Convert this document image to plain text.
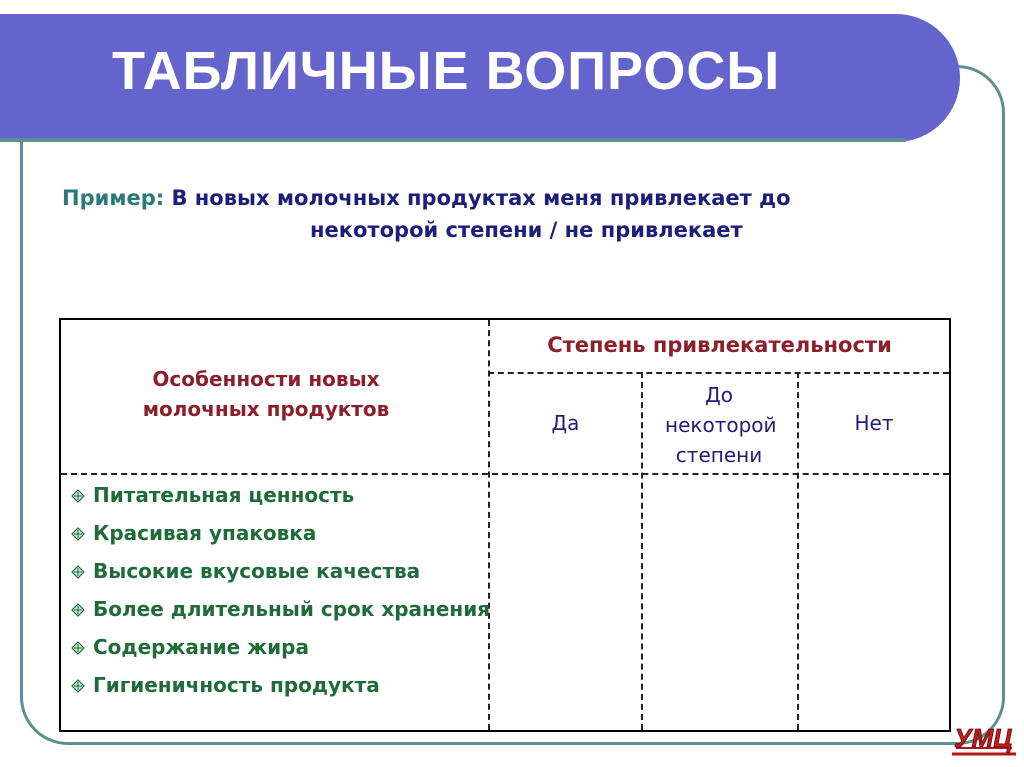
ТАБЛИЧНЫЕ ВОПРОСЫ
Пример: В новых молочных продуктах меня привлекает до
некоторой степени / не привлекает
Особенности новых молочных продуктов
Степень привлекательности
Да
До некоторой степени
Нет
Питательная ценность
Красивая упаковка
Высокие вкусовые качества
Более длительный срок хранения
Содержание жира
Гигиеничность продукта
УМЦ
